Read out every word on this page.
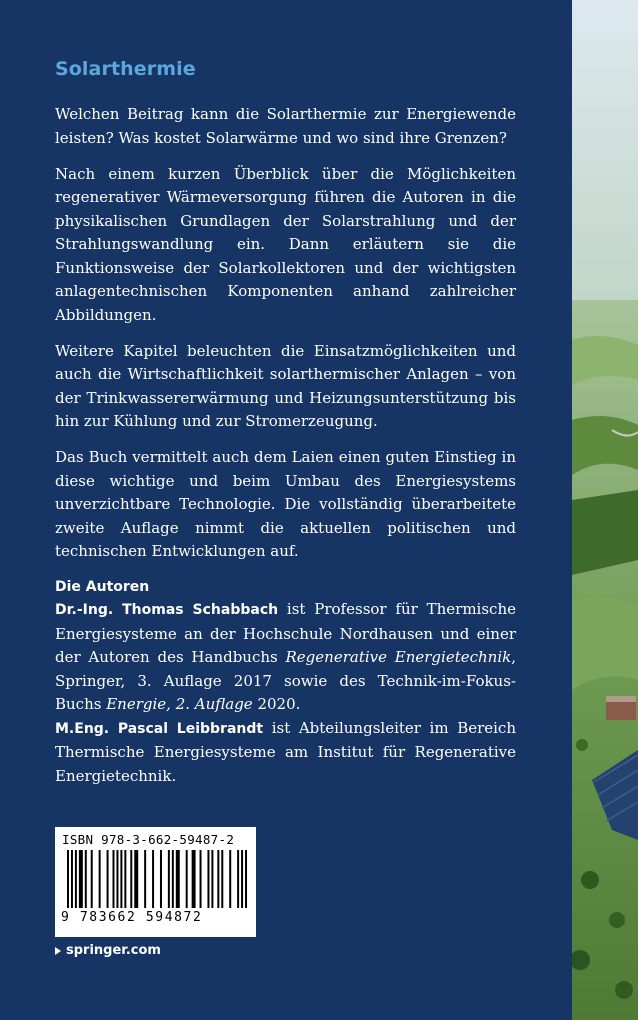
Solarthermie

Welchen Beitrag kann die Solarthermie zur Energiewende leisten? Was kostet Solarwärme und wo sind ihre Grenzen?

Nach einem kurzen Überblick über die Möglichkeiten regenerativer Wärmeversorgung führen die Autoren in die physikalischen Grundlagen der Solarstrahlung und der Strahlungswandlung ein. Dann erläutern sie die Funktionsweise der Solarkollektoren und der wichtigsten anlagentechnischen Komponenten anhand zahlreicher Abbildungen.

Weitere Kapitel beleuchten die Einsatzmöglichkeiten und auch die Wirtschaftlichkeit solarthermischer Anlagen – von der Trinkwassererwärmung und Heizungsunterstützung bis hin zur Kühlung und zur Stromerzeugung.

Das Buch vermittelt auch dem Laien einen guten Einstieg in diese wichtige und beim Umbau des Energiesystems unverzichtbare Technologie. Die vollständig überarbeitete zweite Auflage nimmt die aktuellen politischen und technischen Entwicklungen auf.

Die Autoren
Dr.-Ing. Thomas Schabbach ist Professor für Thermische Energiesysteme an der Hochschule Nordhausen und einer der Autoren des Handbuchs Regenerative Energietechnik, Springer, 3. Auflage 2017 sowie des Technik-im-Fokus-Buchs Energie, 2. Auflage 2020.
M.Eng. Pascal Leibbrandt ist Abteilungsleiter im Bereich Thermische Energiesysteme am Institut für Regenerative Energietechnik.
ISBN 978-3-662-59487-2
9 783662 594872
springer.com
